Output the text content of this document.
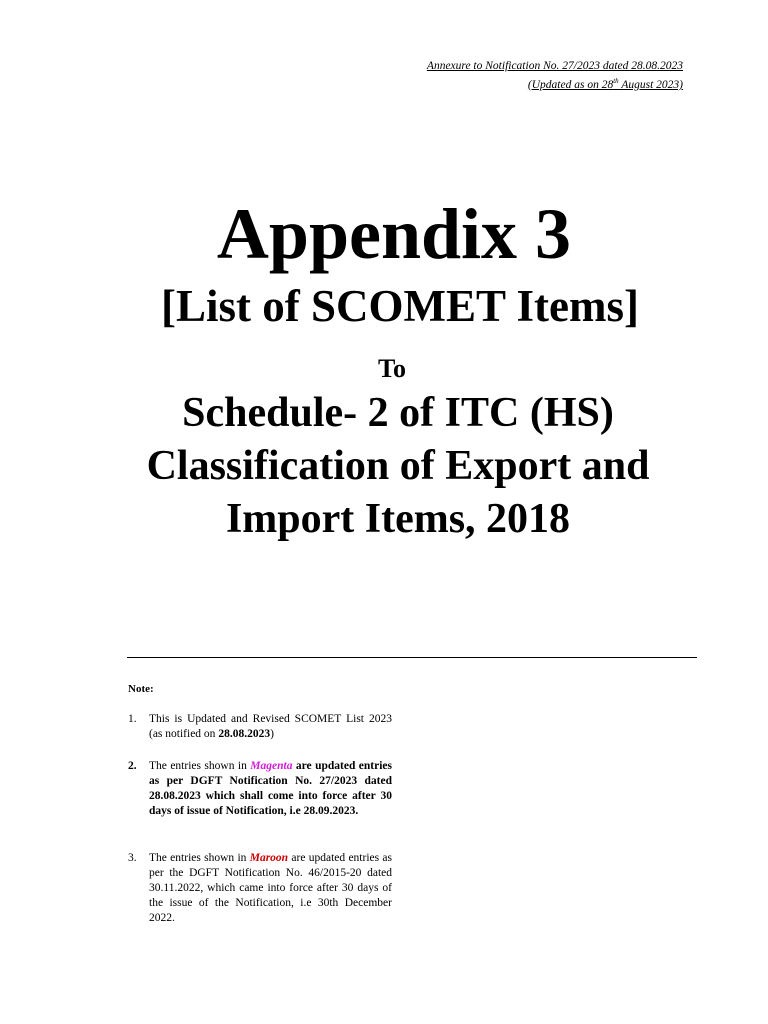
Annexure to Notification No. 27/2023 dated 28.08.2023
(Updated as on 28th August 2023)
Appendix 3
[List of SCOMET Items]
To
Schedule- 2 of ITC (HS)
Classification of Export and
Import Items, 2018
Note:
1.	This is Updated and Revised SCOMET List 2023 (as notified on 28.08.2023)
2.	The entries shown in Magenta are updated entries as per DGFT Notification No. 27/2023 dated 28.08.2023 which shall come into force after 30 days of issue of Notification, i.e 28.09.2023.
3.	The entries shown in Maroon are updated entries as per the DGFT Notification No. 46/2015-20 dated 30.11.2022, which came into force after 30 days of the issue of the Notification, i.e 30th December 2022.
